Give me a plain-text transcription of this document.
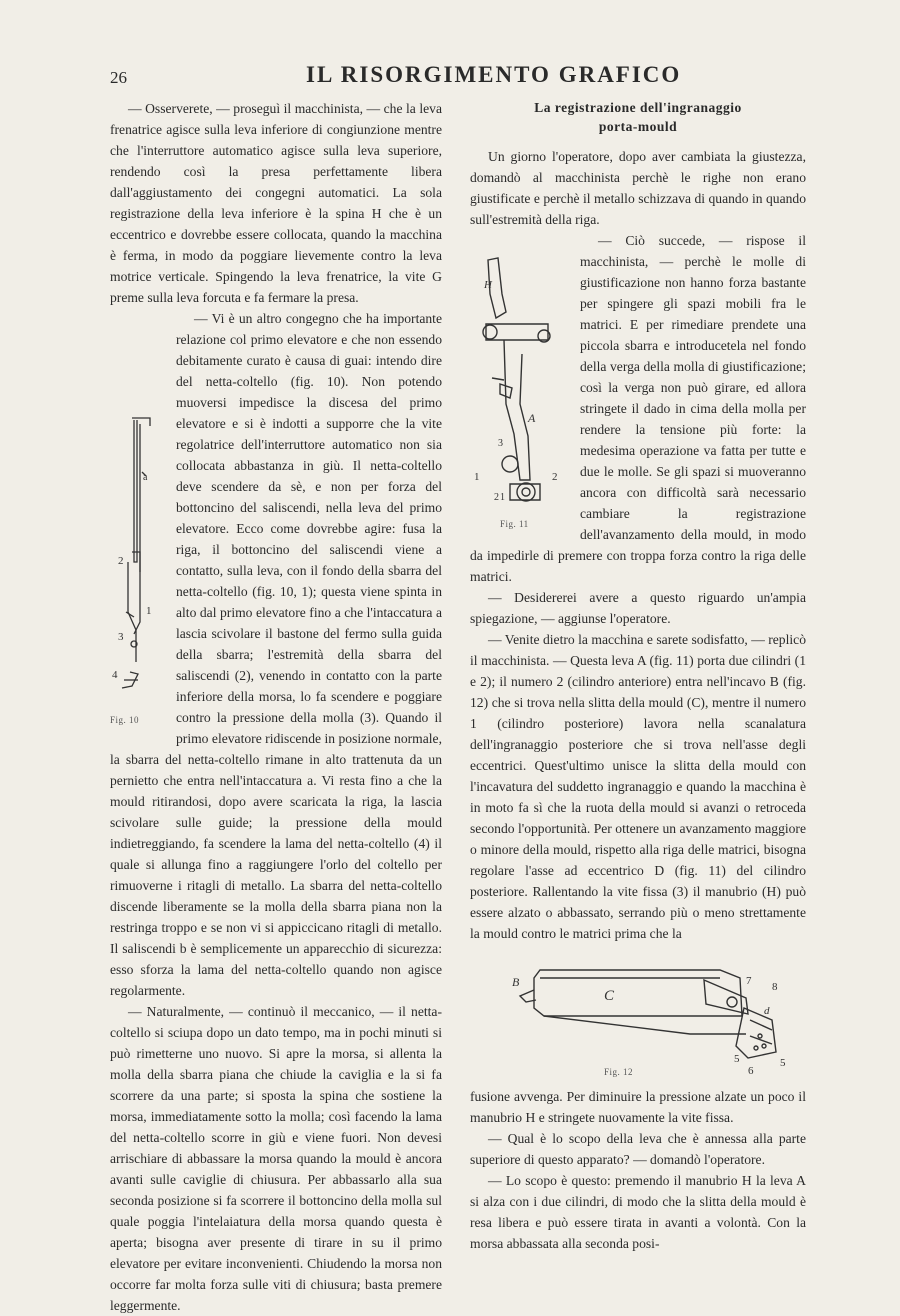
26	IL RISORGIMENTO GRAFICO

— Osserverete, — proseguì il macchinista, — che la leva frenatrice agisce sulla leva inferiore di congiunzione mentre che l'interruttore automatico agisce sulla leva superiore, rendendo così la presa perfettamente libera dall'aggiustamento dei congegni automatici. La sola registrazione della leva inferiore è la spina H che è un eccentrico e dovrebbe essere collocata, quando la macchina è ferma, in modo da poggiare lievemente contro la leva motrice verticale. Spingendo la leva frenatrice, la vite G preme sulla leva forcuta e fa fermare la presa.

a
2
1
3
4
Fig. 10

— Vi è un altro congegno che ha importante relazione col primo elevatore e che non essendo debitamente curato è causa di guai: intendo dire del netta-coltello (fig. 10). Non potendo muoversi impedisce la discesa del primo elevatore e si è indotti a supporre che la vite regolatrice dell'interruttore automatico non sia collocata abbastanza in giù. Il netta-coltello deve scendere da sè, e non per forza del bottoncino del saliscendi, nella leva del primo elevatore. Ecco come dovrebbe agire: fusa la riga, il bottoncino del saliscendi viene a contatto, sulla leva, con il fondo della sbarra del netta-coltello (fig. 10, 1); questa viene spinta in alto dal primo elevatore fino a che l'intaccatura a lascia scivolare il bastone del fermo sulla guida della sbarra; l'estremità della sbarra del saliscendi (2), venendo in contatto con la parte inferiore della morsa, lo fa scendere e poggiare contro la pressione della molla (3). Quando il primo elevatore ridiscende in posizione normale, la sbarra del netta-coltello rimane in alto trattenuta da un pernietto che entra nell'intaccatura a. Vi resta fino a che la mould ritirandosi, dopo avere scaricata la riga, la lascia scivolare sulle guide; la pressione della mould indietreggiando, fa scendere la lama del netta-coltello (4) il quale si allunga fino a raggiungere l'orlo del coltello per rimuoverne i ritagli di metallo. La sbarra del netta-coltello discende liberamente se la molla della sbarra piana non la restringa troppo e se non vi si appiccicano ritagli di metallo. Il saliscendi b è semplicemente un apparecchio di sicurezza: esso sforza la lama del netta-coltello quando non agisce regolarmente.

— Naturalmente, — continuò il meccanico, — il netta-coltello si sciupa dopo un dato tempo, ma in pochi minuti si può rimetterne uno nuovo. Si apre la morsa, si allenta la molla della sbarra piana che chiude la caviglia e la si fa scorrere da una parte; si sposta la spina che sostiene la morsa, immediatamente sotto la molla; così facendo la lama del netta-coltello scorre in giù e viene fuori. Non devesi arrischiare di abbassare la morsa quando la mould è ancora avanti sulle caviglie di chiusura. Per abbassarlo alla sua seconda posizione si fa scorrere il bottoncino della molla sul quale poggia l'intelaiatura della morsa quando questa è aperta; bisogna aver presente di tirare in su il primo elevatore per evitare inconvenienti. Chiudendo la morsa non occorre far molta forza sulle viti di chiusura; basta premere leggermente.

La registrazione dell'ingranaggio
porta-mould

Un giorno l'operatore, dopo aver cambiata la giustezza, domandò al macchinista perchè le righe non erano giustificate e perchè il metallo schizzava di quando in quando sull'estremità della riga.

H
A
3
1	2
2 1
Fig. 11

— Ciò succede, — rispose il macchinista, — perchè le molle di giustificazione non hanno forza bastante per spingere gli spazi mobili fra le matrici. E per rimediare prendete una piccola sbarra e introducetela nel fondo della verga della molla di giustificazione; così la verga non può girare, ed allora stringete il dado in cima della molla per rendere la tensione più forte: la medesima operazione va fatta per tutte e due le molle. Se gli spazi si muoveranno ancora con difficoltà sarà necessario cambiare la registrazione dell'avanzamento della mould, in modo da impedirle di premere con troppa forza contro la riga delle matrici.

— Desidererei avere a questo riguardo un'ampia spiegazione, — aggiunse l'operatore.

— Venite dietro la macchina e sarete sodisfatto, — replicò il macchinista. — Questa leva A (fig. 11) porta due cilindri (1 e 2); il numero 2 (cilindro anteriore) entra nell'incavo B (fig. 12) che si trova nella slitta della mould (C), mentre il numero 1 (cilindro posteriore) lavora nella scanalatura dell'ingranaggio posteriore che si trova nell'asse degli eccentrici. Quest'ultimo unisce la slitta della mould con l'incavatura del suddetto ingranaggio e quando la macchina è in moto fa sì che la ruota della mould si avanzi o retroceda secondo l'opportunità. Per ottenere un avanzamento maggiore o minore della mould, rispetto alla riga delle matrici, bisogna regolare l'asse ad eccentrico D (fig. 11) del cilindro posteriore. Rallentando la vite fissa (3) il manubrio (H) può essere alzato o abbassato, serrando più o meno strettamente la mould contro le matrici prima che la

B
C
7 8
d
5
6
5
Fig. 12

fusione avvenga. Per diminuire la pressione alzate un poco il manubrio H e stringete nuovamente la vite fissa.

— Qual è lo scopo della leva che è annessa alla parte superiore di questo apparato? — domandò l'operatore.

— Lo scopo è questo: premendo il manubrio H la leva A si alza con i due cilindri, di modo che la slitta della mould è resa libera e può essere tirata in avanti a volontà. Con la morsa abbassata alla seconda posi-
